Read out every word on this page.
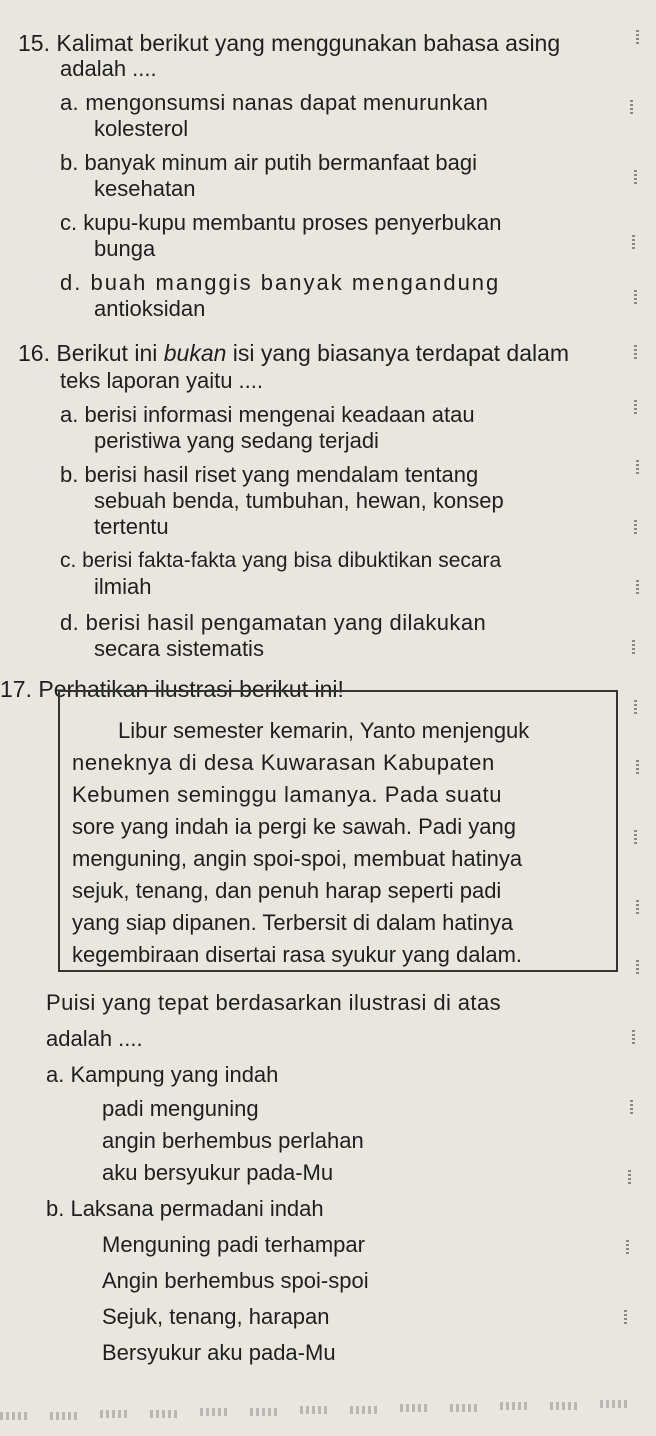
15. Kalimat berikut yang menggunakan bahasa asing
adalah ....
a. mengonsumsi nanas dapat menurunkan
kolesterol
b. banyak minum air putih bermanfaat bagi
kesehatan
c. kupu-kupu membantu proses penyerbukan
bunga
d. buah manggis banyak mengandung
antioksidan
16. Berikut ini bukan isi yang biasanya terdapat dalam
teks laporan yaitu ....
a. berisi informasi mengenai keadaan atau
peristiwa yang sedang terjadi
b. berisi hasil riset yang mendalam tentang
sebuah benda, tumbuhan, hewan, konsep
tertentu
c. berisi fakta-fakta yang bisa dibuktikan secara
ilmiah
d. berisi hasil pengamatan yang dilakukan
secara sistematis
17. Perhatikan ilustrasi berikut ini!
Libur semester kemarin, Yanto menjenguk
neneknya di desa Kuwarasan Kabupaten
Kebumen seminggu lamanya. Pada suatu
sore yang indah ia pergi ke sawah. Padi yang
menguning, angin spoi-spoi, membuat hatinya
sejuk, tenang, dan penuh harap seperti padi
yang siap dipanen. Terbersit di dalam hatinya
kegembiraan disertai rasa syukur yang dalam.
Puisi yang tepat berdasarkan ilustrasi di atas
adalah ....
a. Kampung yang indah
padi menguning
angin berhembus perlahan
aku bersyukur pada-Mu
b. Laksana permadani indah
Menguning padi terhampar
Angin berhembus spoi-spoi
Sejuk, tenang, harapan
Bersyukur aku pada-Mu
